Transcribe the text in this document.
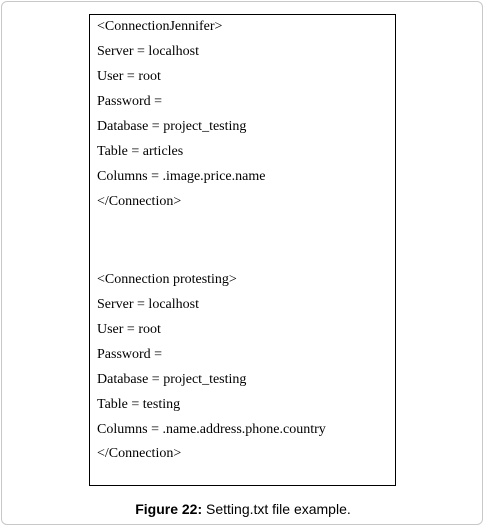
<ConnectionJennifer>
Server = localhost
User = root
Password =
Database = project_testing
Table = articles
Columns = .image.price.name
</Connection>
<Connection protesting>
Server = localhost
User = root
Password =
Database = project_testing
Table = testing
Columns = .name.address.phone.country
</Connection>
Figure 22: Setting.txt file example.
